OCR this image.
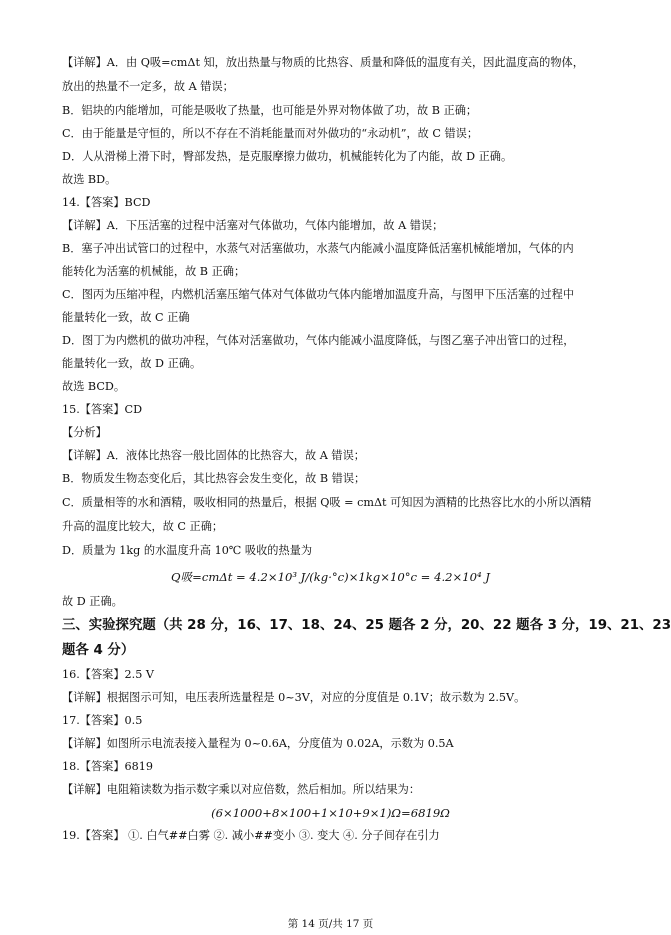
【详解】A．由 Q吸=cmΔt 知，放出热量与物质的比热容、质量和降低的温度有关，因此温度高的物体，
放出的热量不一定多，故 A 错误；
B．铝块的内能增加，可能是吸收了热量，也可能是外界对物体做了功，故 B 正确；
C．由于能量是守恒的，所以不存在不消耗能量而对外做功的“永动机”，故 C 错误；
D．人从滑梯上滑下时，臀部发热，是克服摩擦力做功，机械能转化为了内能，故 D 正确。
故选 BD。
14.【答案】BCD
【详解】A．下压活塞的过程中活塞对气体做功，气体内能增加，故 A 错误；
B．塞子冲出试管口的过程中，水蒸气对活塞做功，水蒸气内能减小温度降低活塞机械能增加，气体的内
能转化为活塞的机械能，故 B 正确；
C．图丙为压缩冲程，内燃机活塞压缩气体对气体做功气体内能增加温度升高，与图甲下压活塞的过程中
能量转化一致，故 C 正确
D．图丁为内燃机的做功冲程，气体对活塞做功，气体内能减小温度降低，与图乙塞子冲出管口的过程，
能量转化一致，故 D 正确。
故选 BCD。
15.【答案】CD
【分析】
【详解】A．液体比热容一般比固体的比热容大，故 A 错误；
B．物质发生物态变化后，其比热容会发生变化，故 B 错误；
C．质量相等的水和酒精，吸收相同的热量后，根据 Q吸 = cmΔt 可知因为酒精的比热容比水的小所以酒精
升高的温度比较大，故 C 正确；
D．质量为 1kg 的水温度升高 10℃ 吸收的热量为
Q吸=cmΔt = 4.2×10³ J/(kg·°c)×1kg×10°c = 4.2×10⁴ J
故 D 正确。
三、实验探究题（共 28 分，16、17、18、24、25 题各 2 分，20、22 题各 3 分，19、21、23
题各 4 分）
16.【答案】2.5 V
【详解】根据图示可知，电压表所选量程是 0~3V，对应的分度值是 0.1V；故示数为 2.5V。
17.【答案】0.5
【详解】如图所示电流表接入量程为 0~0.6A，分度值为 0.02A，示数为 0.5A
18.【答案】6819
【详解】电阻箱读数为指示数字乘以对应倍数，然后相加。所以结果为：
(6×1000+8×100+1×10+9×1)Ω=6819Ω
19.【答案】 ①. 白气##白雾 ②. 减小##变小 ③. 变大 ④. 分子间存在引力
第 14 页/共 17 页
